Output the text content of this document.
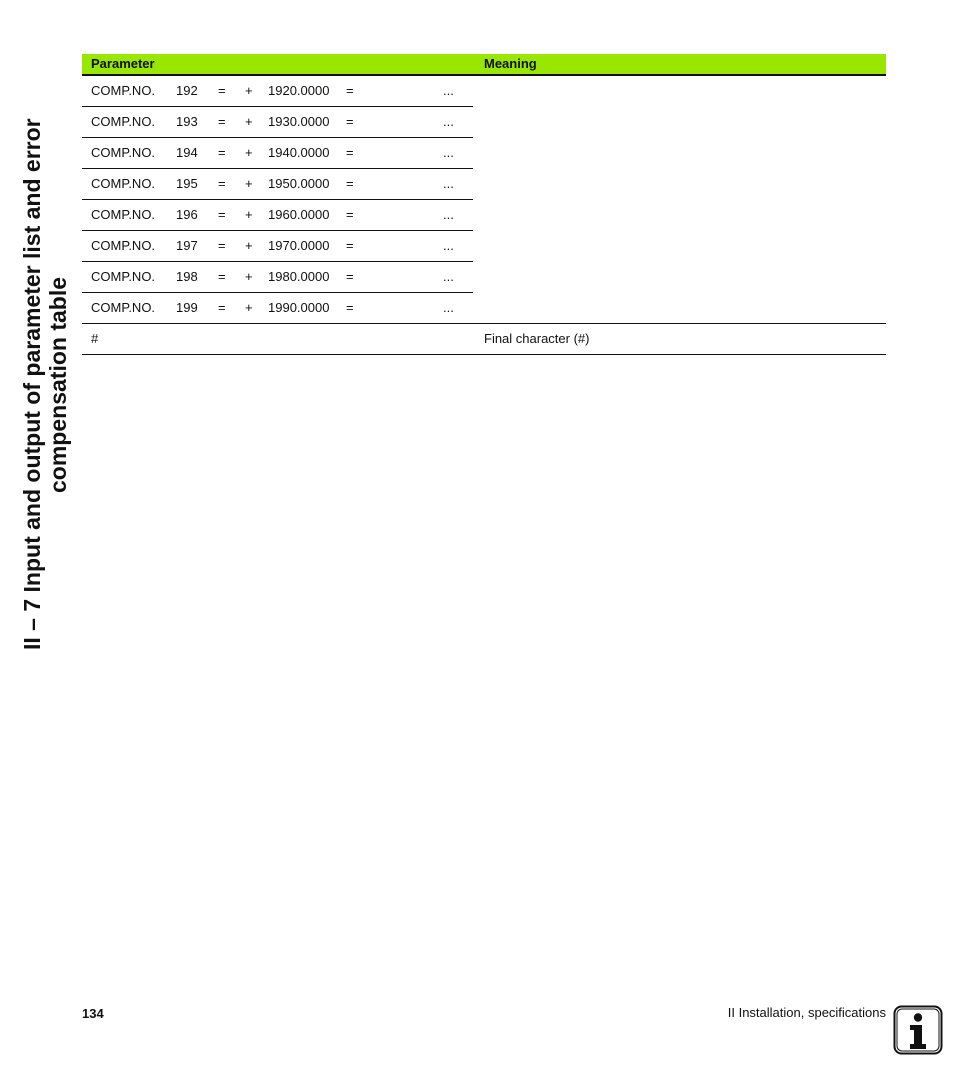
II – 7 Input and output of parameter list and error compensation table
Parameter	Meaning
COMP.NO. 192 = + 1920.0000 =	...
COMP.NO. 193 = + 1930.0000 =	...
COMP.NO. 194 = + 1940.0000 =	...
COMP.NO. 195 = + 1950.0000 =	...
COMP.NO. 196 = + 1960.0000 =	...
COMP.NO. 197 = + 1970.0000 =	...
COMP.NO. 198 = + 1980.0000 =	...
COMP.NO. 199 = + 1990.0000 =	...
#	Final character (#)
134	II Installation, specifications
